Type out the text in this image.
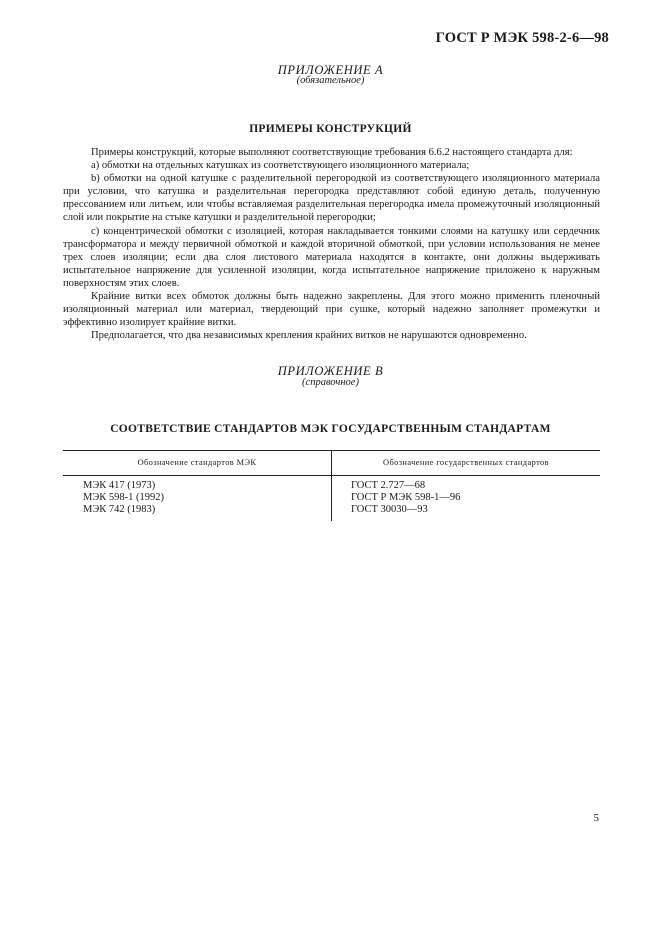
ГОСТ Р МЭК 598-2-6—98
ПРИЛОЖЕНИЕ А
(обязательное)
ПРИМЕРЫ КОНСТРУКЦИЙ

Примеры конструкций, которые выполняют соответствующие требования 6.6.2 настоящего стандарта для:

а) обмотки на отдельных катушках из соответствующего изоляционного материала;

b) обмотки на одной катушке с разделительной перегородкой из соответствующего изоляционного материала при условии, что катушка и разделительная перегородка представляют собой единую деталь, полученную прессованием или литьем, или чтобы вставляемая разделительная перегородка имела промежуточный изоляционный слой или покрытие на стыке катушки и разделительной перегородки;

с) концентрической обмотки с изоляцией, которая накладывается тонкими слоями на катушку или сердечник трансформатора и между первичной обмоткой и каждой вторичной обмоткой, при условии использования не менее трех слоев изоляции; если два слоя листового материала находятся в контакте, они должны выдерживать испытательное напряжение для усиленной изоляции, когда испытательное напряжение приложено к наружным поверхностям этих слоев.

Крайние витки всех обмоток должны быть надежно закреплены. Для этого можно применить пленочный изоляционный материал или материал, твердеющий при сушке, который надежно заполняет промежутки и эффективно изолирует крайние витки.

Предполагается, что два независимых крепления крайних витков не нарушаются одновременно.

ПРИЛОЖЕНИЕ В
(справочное)
СООТВЕТСТВИЕ СТАНДАРТОВ МЭК ГОСУДАРСТВЕННЫМ СТАНДАРТАМ
Обозначение стандартов МЭК	Обозначение государственных стандартов
МЭК 417 (1973)
МЭК 598-1 (1992)
МЭК 742 (1983)
ГОСТ 2.727—68
ГОСТ Р МЭК 598-1—96
ГОСТ 30030—93
5
